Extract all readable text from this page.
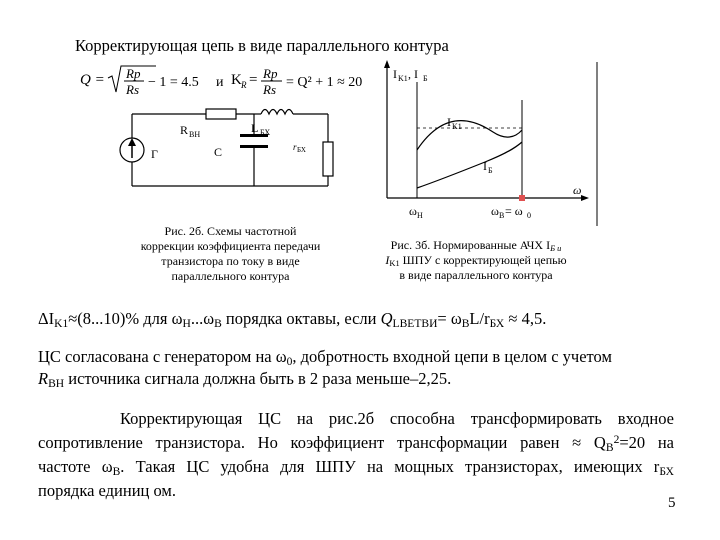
Корректирующая цепь в виде параллельного контура
Q = Rp
Rs − 1 = 4.5 и K R = Rp
Rs = Q² + 1 ≈ 20
Г
R ВН	L БХ
C	r БХ
I K1 , I Б
I K1
I Б
ω
ω Н	ω В = ω 0
Рис. 2б. Схемы частотной
коррекции коэффициента передачи
транзистора по току в виде
параллельного контура
Рис. 3б. Нормированные АЧХ $I_{Б и}$
$I_{K1}$ ШПУ с корректирующей цепью
в виде параллельного контура
$\Delta I_{K1}\approx(8...10)\%$ для $\omega_Н...\omega_В$ порядка октавы, если $Q_{LВЕТВИ}= \omega_ВL/r_{БХ} \approx 4,5$.
ЦС согласована с генератором на $\omega_0$, добротность входной цепи в целом с учетом
$R_{ВН}$ источника сигнала должна быть в 2 раза меньше–2,25.
Корректирующая ЦС на рис.2б способна трансформировать входное
сопротивление транзистора. Но коэффициент трансформации равен ≈ $Q_В^2=20$ на
частоте $\omega_В$. Такая ЦС удобна для ШПУ на мощных транзисторах, имеющих $r_{БХ}$
порядка единиц ом.
5
